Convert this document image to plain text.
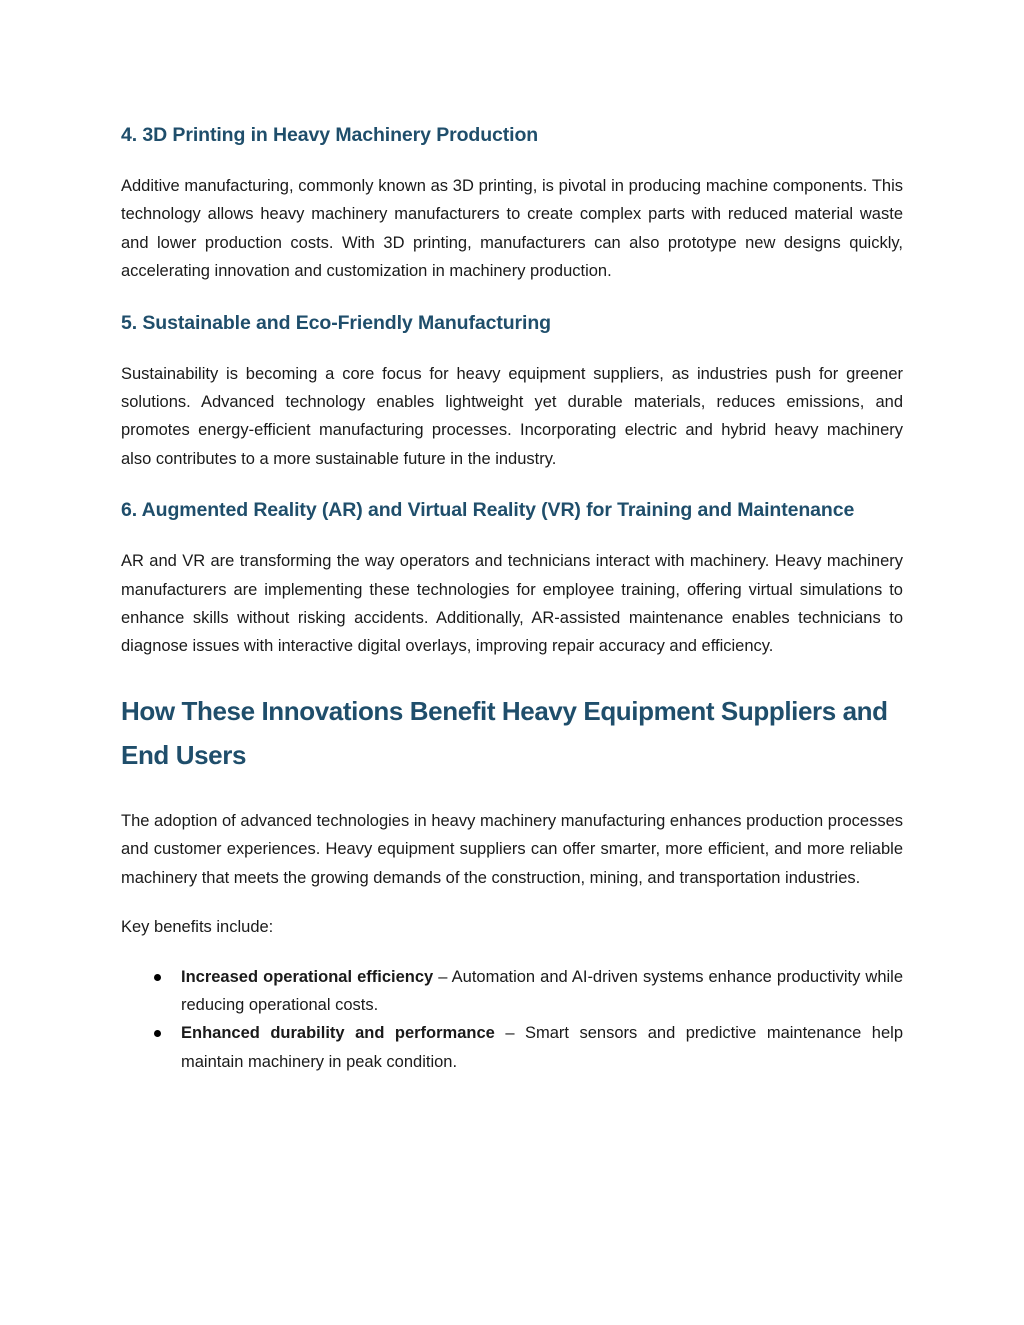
4. 3D Printing in Heavy Machinery Production

Additive manufacturing, commonly known as 3D printing, is pivotal in producing machine components. This technology allows heavy machinery manufacturers to create complex parts with reduced material waste and lower production costs. With 3D printing, manufacturers can also prototype new designs quickly, accelerating innovation and customization in machinery production.

5. Sustainable and Eco-Friendly Manufacturing

Sustainability is becoming a core focus for heavy equipment suppliers, as industries push for greener solutions. Advanced technology enables lightweight yet durable materials, reduces emissions, and promotes energy-efficient manufacturing processes. Incorporating electric and hybrid heavy machinery also contributes to a more sustainable future in the industry.

6. Augmented Reality (AR) and Virtual Reality (VR) for Training and Maintenance

AR and VR are transforming the way operators and technicians interact with machinery. Heavy machinery manufacturers are implementing these technologies for employee training, offering virtual simulations to enhance skills without risking accidents. Additionally, AR-assisted maintenance enables technicians to diagnose issues with interactive digital overlays, improving repair accuracy and efficiency.

How These Innovations Benefit Heavy Equipment Suppliers and End Users

The adoption of advanced technologies in heavy machinery manufacturing enhances production processes and customer experiences. Heavy equipment suppliers can offer smarter, more efficient, and more reliable machinery that meets the growing demands of the construction, mining, and transportation industries.

Key benefits include:

Increased operational efficiency – Automation and AI-driven systems enhance productivity while reducing operational costs.
Enhanced durability and performance – Smart sensors and predictive maintenance help maintain machinery in peak condition.
